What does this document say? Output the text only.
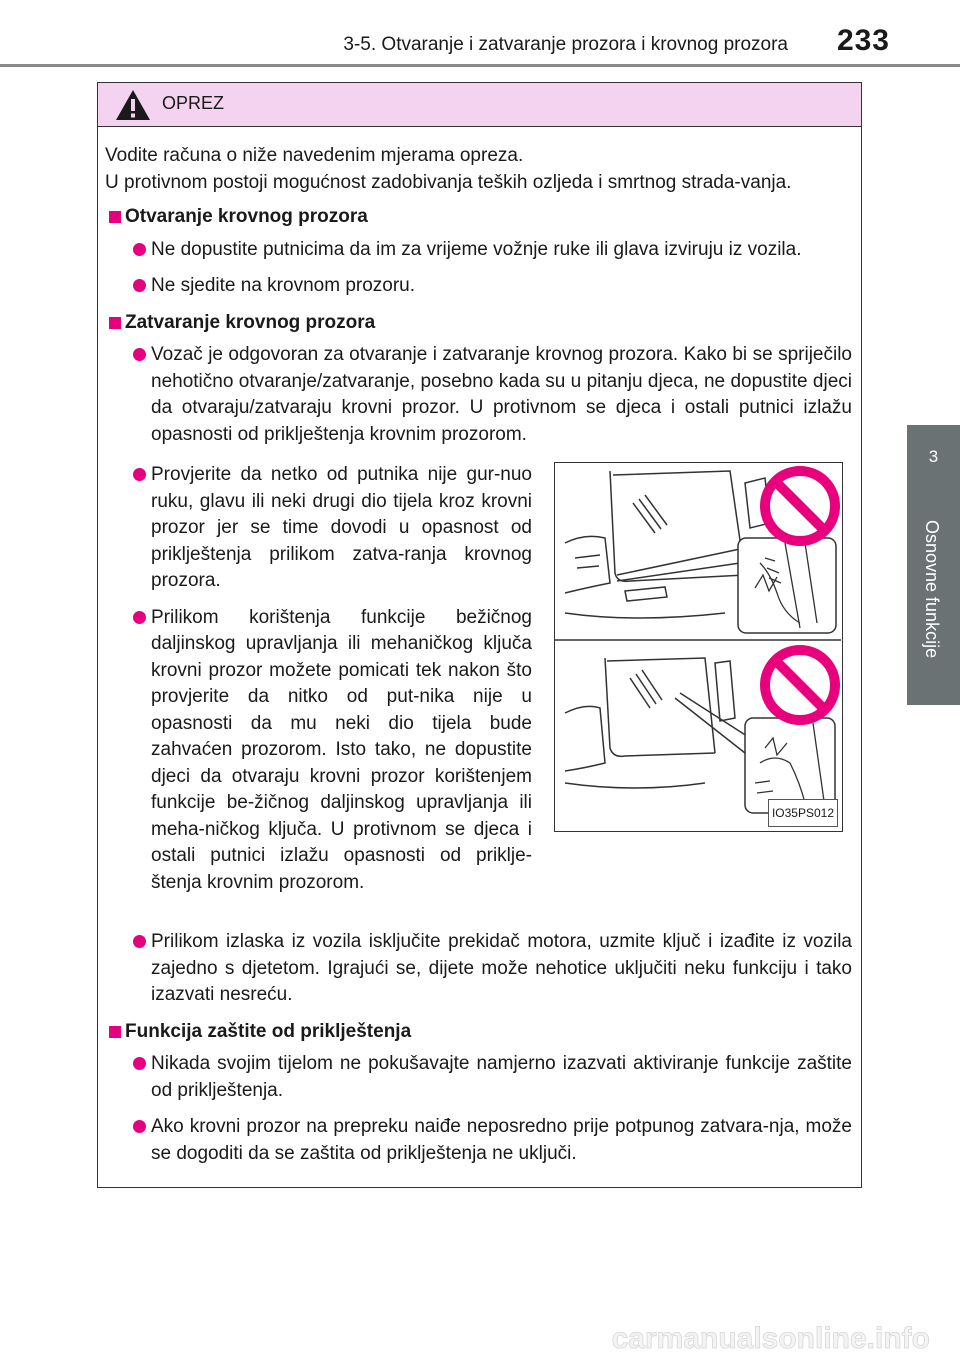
3-5. Otvaranje i zatvaranje prozora i krovnog prozora 233
3
Osnovne funkcije
OPREZ

Vodite računa o niže navedenim mjerama opreza.

U protivnom postoji mogućnost zadobivanja teških ozljeda i smrtnog strada-vanja.

Otvaranje krovnog prozora

Ne dopustite putnicima da im za vrijeme vožnje ruke ili glava izviruju iz vozila.

Ne sjedite na krovnom prozoru.

Zatvaranje krovnog prozora

Vozač je odgovoran za otvaranje i zatvaranje krovnog prozora. Kako bi se spriječilo nehotično otvaranje/zatvaranje, posebno kada su u pitanju djeca, ne dopustite djeci da otvaraju/zatvaraju krovni prozor. U protivnom se djeca i ostali putnici izlažu opasnosti od priklještenja krovnim prozorom.

Provjerite da netko od putnika nije gur-nuo ruku, glavu ili neki drugi dio tijela kroz krovni prozor jer se time dovodi u opasnost od priklještenja prilikom zatva-ranja krovnog prozora.

Prilikom korištenja funkcije bežičnog daljinskog upravljanja ili mehaničkog ključa krovni prozor možete pomicati tek nakon što provjerite da nitko od put-nika nije u opasnosti da mu neki dio tijela bude zahvaćen prozorom. Isto tako, ne dopustite djeci da otvaraju krovni prozor korištenjem funkcije be-žičnog daljinskog upravljanja ili meha-ničkog ključa. U protivnom se djeca i ostali putnici izlažu opasnosti od priklje-štenja krovnim prozorom.

IO35PS012

Prilikom izlaska iz vozila isključite prekidač motora, uzmite ključ i izađite iz vozila zajedno s djetetom. Igrajući se, dijete može nehotice uključiti neku funkciju i tako izazvati nesreću.

Funkcija zaštite od priklještenja

Nikada svojim tijelom ne pokušavajte namjerno izazvati aktiviranje funkcije zaštite od priklještenja.

Ako krovni prozor na prepreku naiđe neposredno prije potpunog zatvara-nja, može se dogoditi da se zaštita od priklještenja ne uključi.

carmanualsonline.info
